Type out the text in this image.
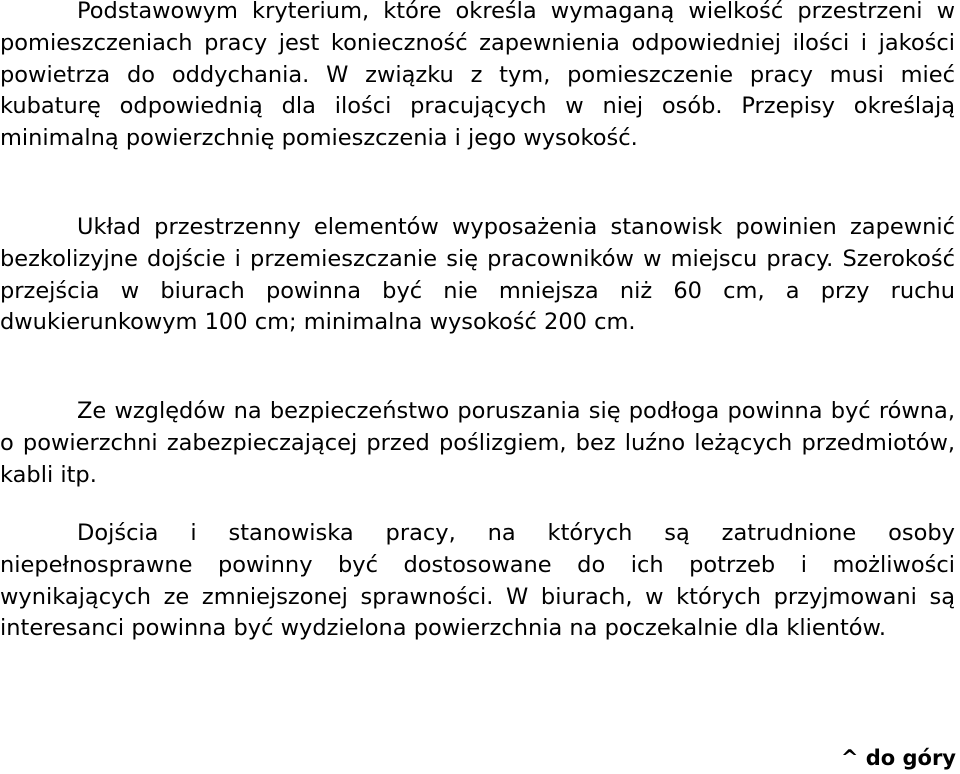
Podstawowym kryterium, które określa wymaganą wielkość przestrzeni w pomieszczeniach pracy jest konieczność zapewnienia odpowiedniej ilości i jakości powietrza do oddychania. W związku z tym, pomieszczenie pracy musi mieć kubaturę odpowiednią dla ilości pracujących w niej osób. Przepisy określają minimalną powierzchnię pomieszczenia i jego wysokość.

Układ przestrzenny elementów wyposażenia stanowisk powinien zapewnić bezkolizyjne dojście i przemieszczanie się pracowników w miejscu pracy. Szerokość przejścia w biurach powinna być nie mniejsza niż 60 cm, a przy ruchu dwukierunkowym 100 cm; minimalna wysokość 200 cm.

Ze względów na bezpieczeństwo poruszania się podłoga powinna być równa, o powierzchni zabezpieczającej przed poślizgiem, bez luźno leżących przedmiotów, kabli itp.

Dojścia i stanowiska pracy, na których są zatrudnione osoby niepełnosprawne powinny być dostosowane do ich potrzeb i możliwości wynikających ze zmniejszonej sprawności. W biurach, w których przyjmowani są interesanci powinna być wydzielona powierzchnia na poczekalnie dla klientów.

^ do góry
